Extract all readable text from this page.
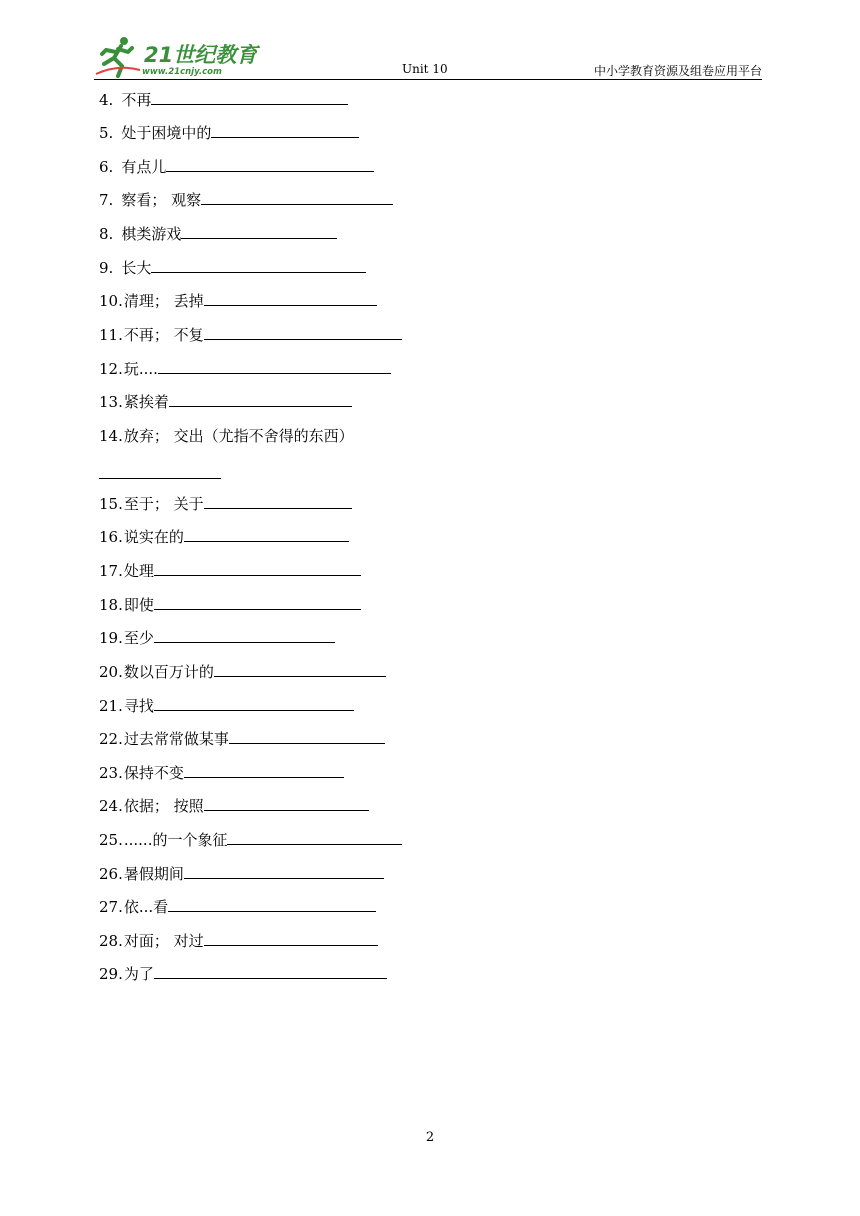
21世纪教育
www.21cnjy.com	Unit 10	中小学教育资源及组卷应用平台
4. 不再
5. 处于困境中的
6. 有点儿
7. 察看； 观察
8. 棋类游戏
9. 长大
10.清理； 丢掉
11.不再； 不复
12.玩....
13.紧挨着
14.放弃； 交出（尤指不舍得的东西）
15.至于； 关于
16.说实在的
17.处理
18.即使
19.至少
20.数以百万计的
21.寻找
22.过去常常做某事
23.保持不变
24.依据； 按照
25.......的一个象征
26.暑假期间
27.依...看
28.对面； 对过
29.为了
2
